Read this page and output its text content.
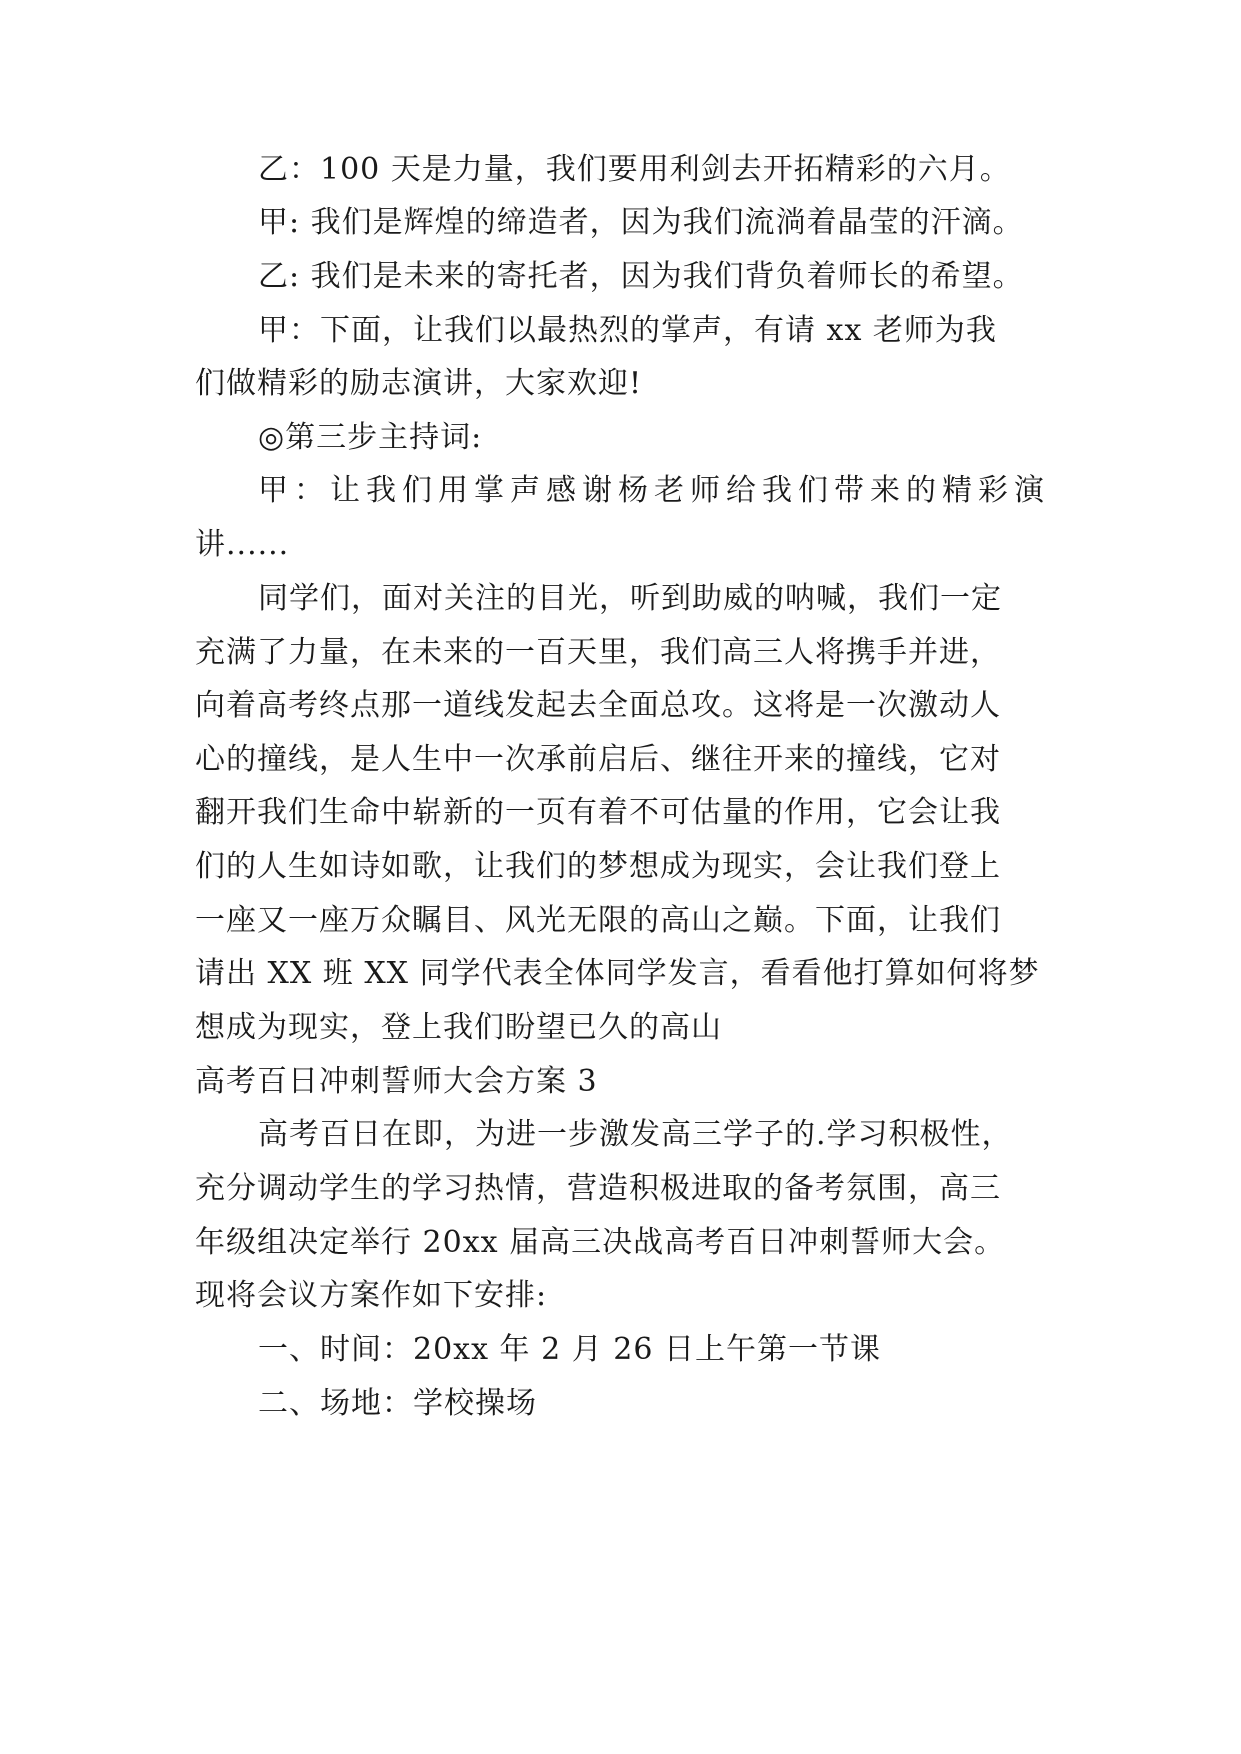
乙：100 天是力量，我们要用利剑去开拓精彩的六月。
甲: 我们是辉煌的缔造者，因为我们流淌着晶莹的汗滴。
乙: 我们是未来的寄托者，因为我们背负着师长的希望。
甲：下面，让我们以最热烈的掌声，有请 xx 老师为我
们做精彩的励志演讲，大家欢迎!
◎第三步主持词:
甲：让我们用掌声感谢杨老师给我们带来的精彩演
讲......
同学们，面对关注的目光，听到助威的呐喊，我们一定
充满了力量，在未来的一百天里，我们高三人将携手并进，
向着高考终点那一道线发起去全面总攻。这将是一次激动人
心的撞线，是人生中一次承前启后、继往开来的撞线，它对
翻开我们生命中崭新的一页有着不可估量的作用，它会让我
们的人生如诗如歌，让我们的梦想成为现实，会让我们登上
一座又一座万众瞩目、风光无限的高山之巅。下面，让我们
请出 XX 班 XX 同学代表全体同学发言，看看他打算如何将梦
想成为现实，登上我们盼望已久的高山
高考百日冲刺誓师大会方案 3
高考百日在即，为进一步激发高三学子的.学习积极性，
充分调动学生的学习热情，营造积极进取的备考氛围，高三
年级组决定举行 20xx 届高三决战高考百日冲刺誓师大会。
现将会议方案作如下安排:
一、时间：20xx 年 2 月 26 日上午第一节课
二、场地：学校操场
